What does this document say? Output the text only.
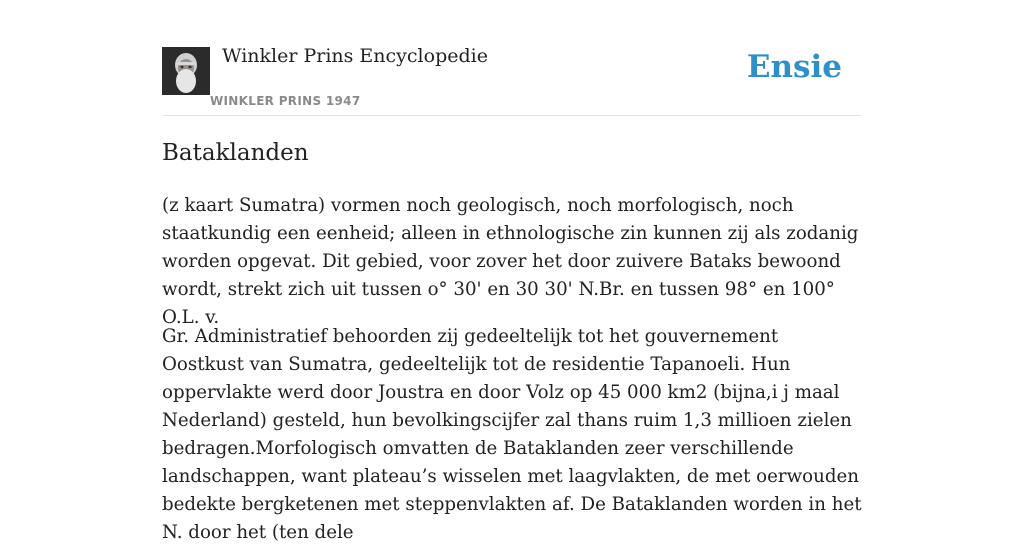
Winkler Prins Encyclopedie
WINKLER PRINS 1947
Ensie
Bataklanden

(z kaart Sumatra) vormen noch geologisch, noch morfologisch, noch staatkundig een eenheid; alleen in ethnologische zin kunnen zij als zodanig worden opgevat. Dit gebied, voor zover het door zuivere Bataks bewoond wordt, strekt zich uit tussen o° 30' en 30 30' N.Br. en tussen 98° en 100° O.L. v.

Gr. Administratief behoorden zij gedeeltelijk tot het gouvernement Oostkust van Sumatra, gedeeltelijk tot de residentie Tapanoeli. Hun oppervlakte werd door Joustra en door Volz op 45 000 km2 (bijna,i j maal Nederland) gesteld, hun bevolkingscijfer zal thans ruim 1,3 millioen zielen bedragen.Morfologisch omvatten de Bataklanden zeer verschillende landschappen, want plateau’s wisselen met laagvlakten, de met oerwouden bedekte bergketenen met steppenvlakten af. De Bataklanden worden in het N. door het (ten dele
